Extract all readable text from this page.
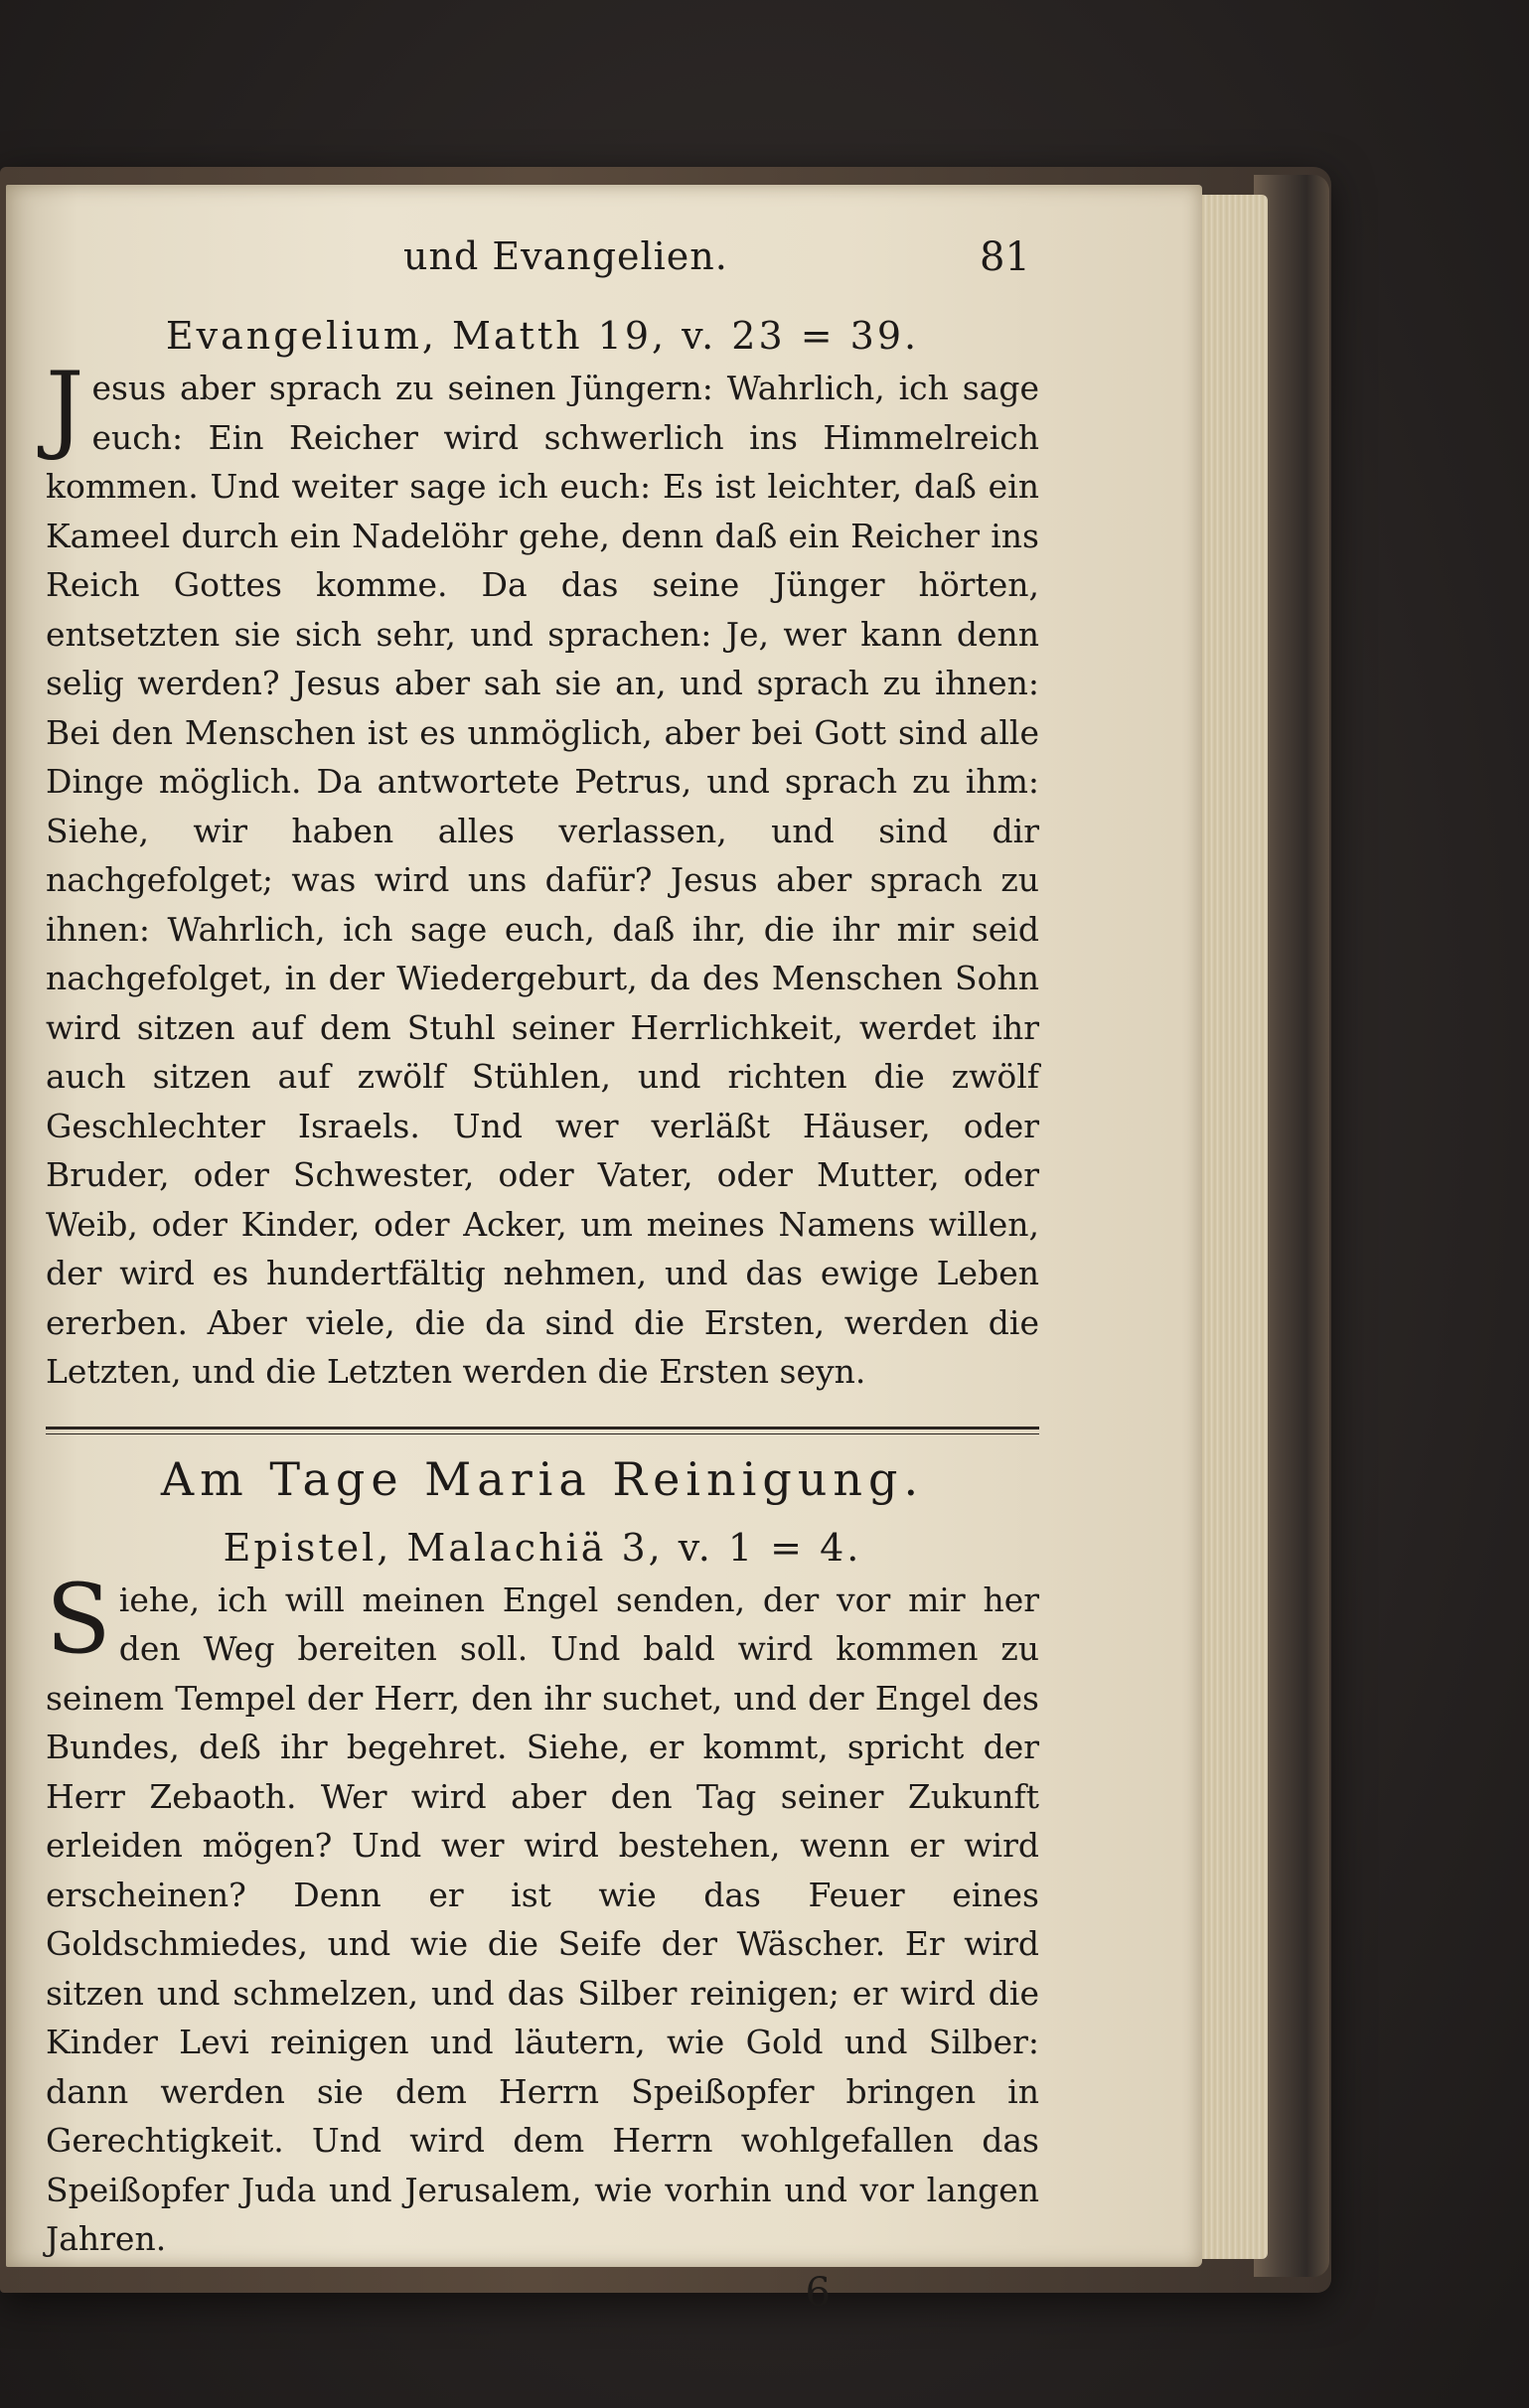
und Evangelien.	81
Evangelium, Matth 19, v. 23 = 39.

Jesus aber sprach zu seinen Jüngern: Wahrlich, ich sage euch: Ein Reicher wird schwerlich ins Himmelreich kommen. Und weiter sage ich euch: Es ist leichter, daß ein Kameel durch ein Nadelöhr gehe, denn daß ein Reicher ins Reich Gottes komme. Da das seine Jünger hörten, entsetzten sie sich sehr, und sprachen: Je, wer kann denn selig werden? Jesus aber sah sie an, und sprach zu ihnen: Bei den Menschen ist es unmöglich, aber bei Gott sind alle Dinge möglich. Da antwortete Petrus, und sprach zu ihm: Siehe, wir haben alles verlassen, und sind dir nachgefolget; was wird uns dafür? Jesus aber sprach zu ihnen: Wahrlich, ich sage euch, daß ihr, die ihr mir seid nachgefolget, in der Wiedergeburt, da des Menschen Sohn wird sitzen auf dem Stuhl seiner Herrlichkeit, werdet ihr auch sitzen auf zwölf Stühlen, und richten die zwölf Geschlechter Israels. Und wer verläßt Häuser, oder Bruder, oder Schwester, oder Vater, oder Mutter, oder Weib, oder Kinder, oder Acker, um meines Namens willen, der wird es hundertfältig nehmen, und das ewige Leben ererben. Aber viele, die da sind die Ersten, werden die Letzten, und die Letzten werden die Ersten seyn.

Am Tage Maria Reinigung.
Epistel, Malachiä 3, v. 1 = 4.

Siehe, ich will meinen Engel senden, der vor mir her den Weg bereiten soll. Und bald wird kommen zu seinem Tempel der Herr, den ihr suchet, und der Engel des Bundes, deß ihr begehret. Siehe, er kommt, spricht der Herr Zebaoth. Wer wird aber den Tag seiner Zukunft erleiden mögen? Und wer wird bestehen, wenn er wird erscheinen? Denn er ist wie das Feuer eines Goldschmiedes, und wie die Seife der Wäscher. Er wird sitzen und schmelzen, und das Silber reinigen; er wird die Kinder Levi reinigen und läutern, wie Gold und Silber: dann werden sie dem Herrn Speißopfer bringen in Gerechtigkeit. Und wird dem Herrn wohlgefallen das Speißopfer Juda und Jerusalem, wie vorhin und vor langen Jahren.

6
